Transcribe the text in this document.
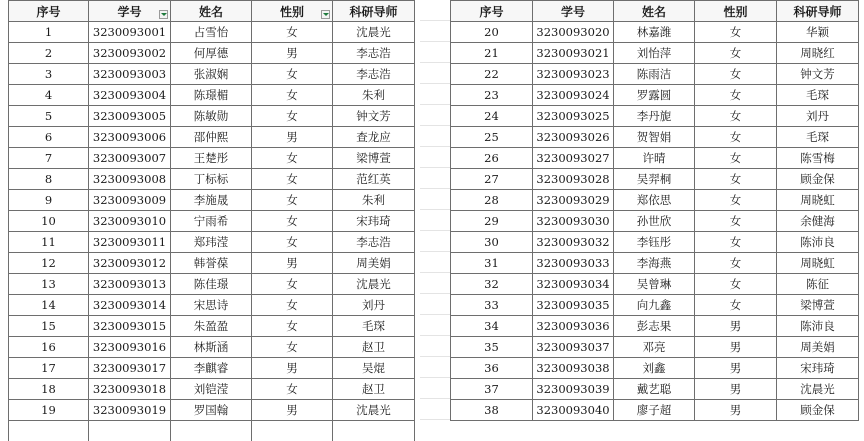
序号	学号	姓名	性别	科研导师
1	3230093001	占雪怡	女	沈晨光
2	3230093002	何厚德	男	李志浩
3	3230093003	张淑娴	女	李志浩
4	3230093004	陈璟楣	女	朱利
5	3230093005	陈敏勋	女	钟文芳
6	3230093006	邵仲熙	男	查龙应
7	3230093007	王楚彤	女	梁博萱
8	3230093008	丁标标	女	范红英
9	3230093009	李施晟	女	朱利
10	3230093010	宁雨希	女	宋玮琦
11	3230093011	郑玮滢	女	李志浩
12	3230093012	韩誉葆	男	周美娟
13	3230093013	陈佳璟	女	沈晨光
14	3230093014	宋思诗	女	刘丹
15	3230093015	朱盈盈	女	毛琛
16	3230093016	林斯涵	女	赵卫
17	3230093017	李麒睿	男	吴焜
18	3230093018	刘铠滢	女	赵卫
19	3230093019	罗国翰	男	沈晨光

序号	学号	姓名	性别	科研导师
20	3230093020	林嘉潍	女	华颖
21	3230093021	刘怡萍	女	周晓红
22	3230093023	陈雨洁	女	钟文芳
23	3230093024	罗露圆	女	毛琛
24	3230093025	李丹旎	女	刘丹
25	3230093026	贺智娟	女	毛琛
26	3230093027	许晴	女	陈雪梅
27	3230093028	吴羿桐	女	顾金保
28	3230093029	郑依思	女	周晓虹
29	3230093030	孙世欣	女	余健海
30	3230093032	李钰彤	女	陈沛良
31	3230093033	李海燕	女	周晓虹
32	3230093034	吴曾琳	女	陈征
33	3230093035	向九鑫	女	梁博萱
34	3230093036	彭志果	男	陈沛良
35	3230093037	邓亮	男	周美娟
36	3230093038	刘鑫	男	宋玮琦
37	3230093039	戴艺聪	男	沈晨光
38	3230093040	廖子超	男	顾金保
